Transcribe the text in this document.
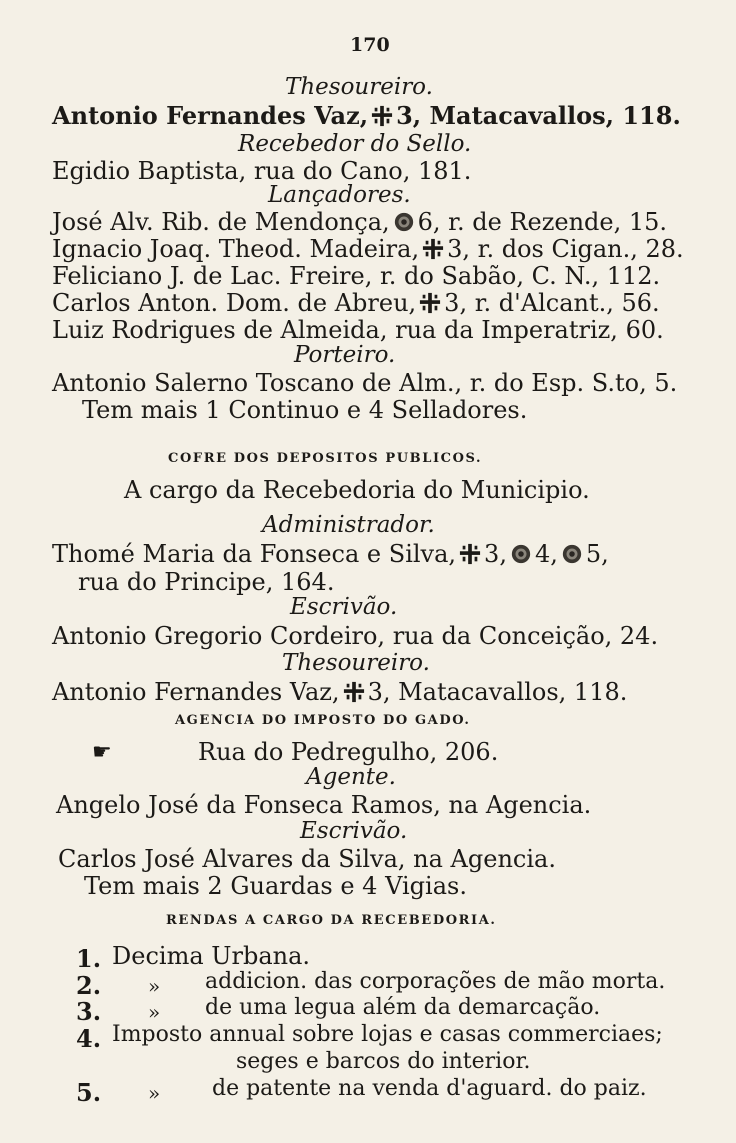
170
Thesoureiro.
Antonio Fernandes Vaz, 3, Matacavallos, 118.
Recebedor do Sello.
Egidio Baptista, rua do Cano, 181.
Lançadores.
José Alv. Rib. de Mendonça, 6, r. de Rezende, 15.
Ignacio Joaq. Theod. Madeira, 3, r. dos Cigan., 28.
Feliciano J. de Lac. Freire, r. do Sabão, C. N., 112.
Carlos Anton. Dom. de Abreu, 3, r. d'Alcant., 56.
Luiz Rodrigues de Almeida, rua da Imperatriz, 60.
Porteiro.
Antonio Salerno Toscano de Alm., r. do Esp. S.to, 5.
Tem mais 1 Continuo e 4 Selladores.
COFRE DOS DEPOSITOS PUBLICOS.
A cargo da Recebedoria do Municipio.
Administrador.
Thomé Maria da Fonseca e Silva, 3, 4, 5,
rua do Principe, 164.
Escrivão.
Antonio Gregorio Cordeiro, rua da Conceição, 24.
Thesoureiro.
Antonio Fernandes Vaz, 3, Matacavallos, 118.
AGENCIA DO IMPOSTO DO GADO.
☛	Rua do Pedregulho, 206.
Agente.
Angelo José da Fonseca Ramos, na Agencia.
Escrivão.
Carlos José Alvares da Silva, na Agencia.
Tem mais 2 Guardas e 4 Vigias.
RENDAS A CARGO DA RECEBEDORIA.
1. Decima Urbana.
2. » addicion. das corporações de mão morta.
3. » de uma legua além da demarcação.
4. Imposto annual sobre lojas e casas commerciaes;
seges e barcos do interior.
5. » de patente na venda d'aguard. do paiz.
